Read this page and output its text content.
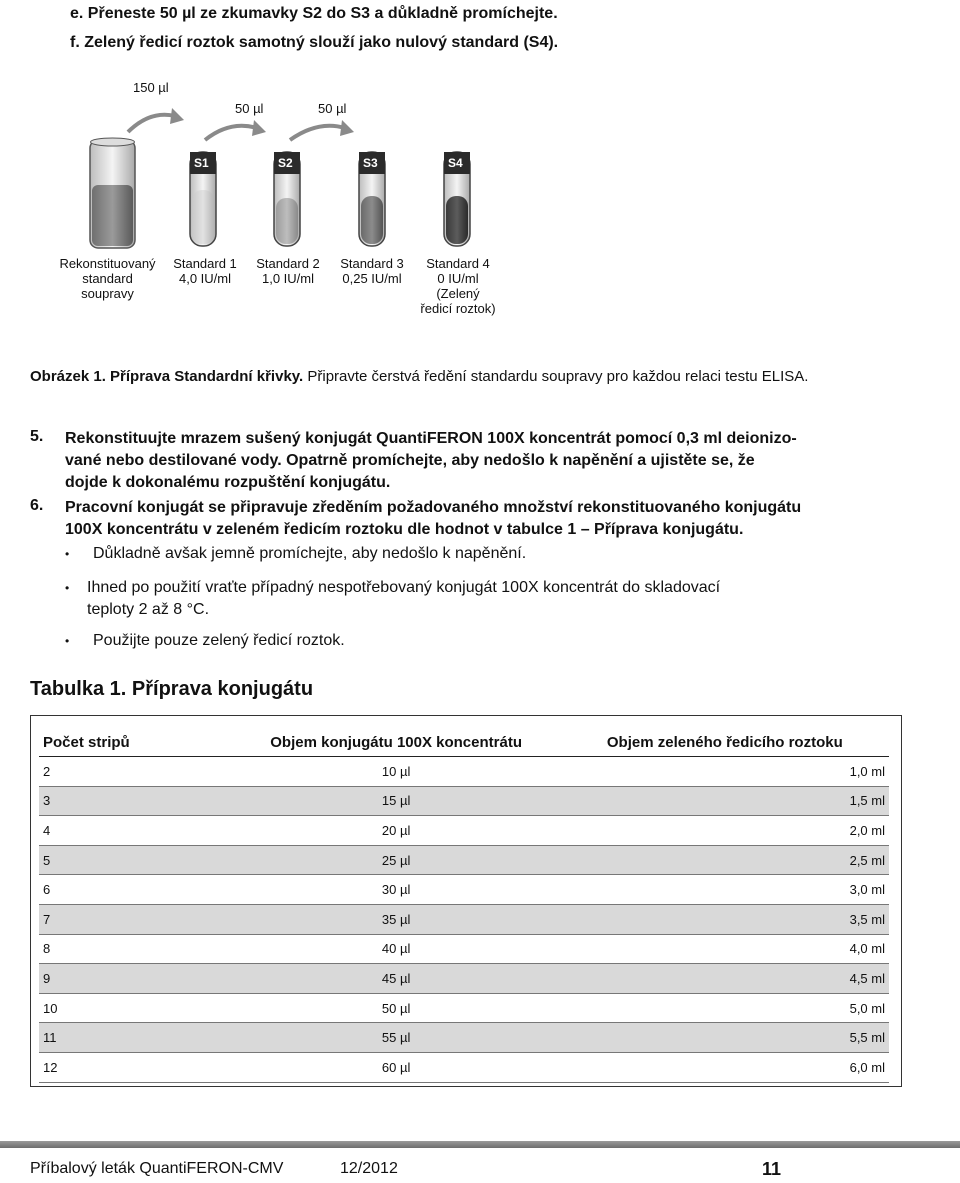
e. Přeneste 50 µl ze zkumavky S2 do S3 a důkladně promíchejte.
f. Zelený ředicí roztok samotný slouží jako nulový standard (S4).
150 µl
50 µl	50 µl
S1	S2	S3	S4
Rekonstituovaný
standard
soupravy
Standard 1
4,0 IU/ml
Standard 2
1,0 IU/ml
Standard 3
0,25 IU/ml
Standard 4
0 IU/ml
(Zelený
ředicí roztok)
Obrázek 1. Příprava Standardní křivky. Připravte čerstvá ředění standardu soupravy pro každou relaci testu ELISA.
5. Rekonstituujte mrazem sušený konjugát QuantiFERON 100X koncentrát pomocí 0,3 ml deionizo-
vané nebo destilované vody. Opatrně promíchejte, aby nedošlo k napěnění a ujistěte se, že
dojde k dokonalému rozpuštění konjugátu.
6. Pracovní konjugát se připravuje zředěním požadovaného množství rekonstituovaného konjugátu
100X koncentrátu v zeleném ředicím roztoku dle hodnot v tabulce 1 – Příprava konjugátu.
• Důkladně avšak jemně promíchejte, aby nedošlo k napěnění.
• Ihned po použití vraťte případný nespotřebovaný konjugát 100X koncentrát do skladovací
teploty 2 až 8 °C.
• Použijte pouze zelený ředicí roztok.
Tabulka 1. Příprava konjugátu
Počet stripů	Objem konjugátu 100X koncentrátu	Objem zeleného ředicího roztoku
2	10 µl	1,0 ml
3	15 µl	1,5 ml
4	20 µl	2,0 ml
5	25 µl	2,5 ml
6	30 µl	3,0 ml
7	35 µl	3,5 ml
8	40 µl	4,0 ml
9	45 µl	4,5 ml
10	50 µl	5,0 ml
11	55 µl	5,5 ml
12	60 µl	6,0 ml
Příbalový leták QuantiFERON-CMV	12/2012	11
